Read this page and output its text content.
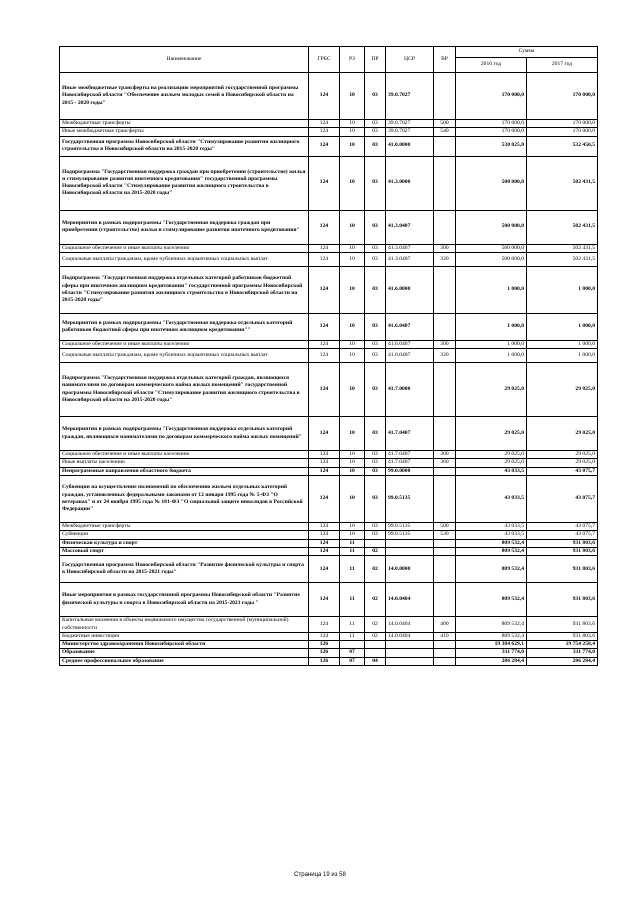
Наименование	ГРБС	РЗ	ПР	ЦСР	ВР	Сумма	
						2016 год	2017 год
Иные межбюджетные трансферты на реализацию мероприятий государственной программы Новосибирской области "Обеспечение жильем молодых семей в Новосибирской области на 2015 - 2020 годы"	124	10	03	39.0.7027		170 000,0	170 000,0
Межбюджетные трансферты	124	10	03	39.0.7027	500	170 000,0	170 000,0
Иные межбюджетные трансферты	124	10	03	39.0.7027	540	170 000,0	170 000,0
Государственная программа Новосибирской области "Стимулирование развития жилищного строительства в Новосибирской области на 2015-2020 годы"	124	10	03	41.0.0000		530 025,0	532 456,5
Подпрограмма "Государственная поддержка граждан при приобретении (строительстве) жилья и стимулирование развития ипотечного кредитования" государственной программы Новосибирской области "Стимулирование развития жилищного строительства в Новосибирской области на 2015-2020 годы"	124	10	03	41.3.0000		500 000,0	502 431,5
Мероприятия в рамках подпрограммы "Государственная поддержка граждан при приобретении (строительстве) жилья и стимулирование развития ипотечного кредитования"	124	10	03	41.3.0407		500 000,0	502 431,5
Социальное обеспечение и иные выплаты населению	124	10	03	41.3.0407	300	500 000,0	502 431,5
Социальные выплаты гражданам, кроме публичных нормативных социальных выплат	124	10	03	41.3.0407	320	500 000,0	502 431,5
Подпрограмма "Государственная поддержка отдельных категорий работников бюджетной сферы при ипотечном жилищном кредитовании" государственной программы Новосибирской области "Стимулирование развития жилищного строительства в Новосибирской области на 2015-2020 годы"	124	10	03	41.6.0000		1 000,0	1 000,0
Мероприятия в рамках подпрограммы "Государственная поддержка отдельных категорий работников бюджетной сферы при ипотечном жилищном кредитовании""	124	10	03	41.6.0407		1 000,0	1 000,0
Социальное обеспечение и иные выплаты населению	124	10	03	41.6.0407	300	1 000,0	1 000,0
Социальные выплаты гражданам, кроме публичных нормативных социальных выплат	124	10	03	41.6.0407	320	1 000,0	1 000,0
Подпрограмма "Государственная поддержка отдельных категорий граждан, являющихся нанимателями по договорам коммерческого найма жилых помещений" государственной программы Новосибирской области "Стимулирование развития жилищного строительства в Новосибирской области на 2015-2020 годы"	124	10	03	41.7.0000		29 025,0	29 025,0
Мероприятия в рамках подпрограммы "Государственная поддержка отдельных категорий граждан, являющихся нанимателями по договорам коммерческого найма жилых помещений"	124	10	03	41.7.0407		29 025,0	29 025,0
Социальное обеспечение и иные выплаты населению	124	10	03	41.7.0407	300	29 025,0	29 025,0
Иные выплаты населению	124	10	03	41.7.0407	360	29 025,0	29 025,0
Непрограммные направления областного бюджета	124	10	03	99.0.0000		43 033,5	43 075,7
Субвенции на осуществление полномочий по обеспечению жильем отдельных категорий граждан, установленных федеральными законами от 12 января 1995 года № 5-ФЗ "О ветеранах" и от 24 ноября 1995 года № 181-ФЗ "О социальной защите инвалидов в Российской Федерации"	124	10	03	99.0.5135		43 033,5	43 075,7
Межбюджетные трансферты	124	10	03	99.0.5135	500	43 033,5	43 075,7
Субвенции	124	10	03	99.0.5135	530	43 033,5	43 075,7
Физическая культура и спорт	124	11				809 532,4	931 803,6
Массовый спорт	124	11	02			809 532,4	931 803,6
Государственная программа Новосибирской области "Развитие физической культуры и спорта в Новосибирской области на 2015-2021 годы"	124	11	02	14.0.0000		809 532,4	931 803,6
Иные мероприятия в рамках государственной программы Новосибирской области "Развитие физической культуры и спорта в Новосибирской области на 2015-2021 годы "	124	11	02	14.0.0404		809 532,4	931 803,6
Капитальные вложения в объекты недвижимого имущества государственной (муниципальной) собственности	124	11	02	14.0.0404	400	809 532,4	931 803,6
Бюджетные инвестиции	124	11	02	14.0.0404	410	809 532,4	931 803,6
Министерство здравоохранения Новосибирской области	126					19 384 629,1	19 754 258,4
Образование	126	07				311 774,0	311 774,0
Среднее профессиональное образование	126	07	04			286 284,4	286 284,4
Страница 19 из 58
